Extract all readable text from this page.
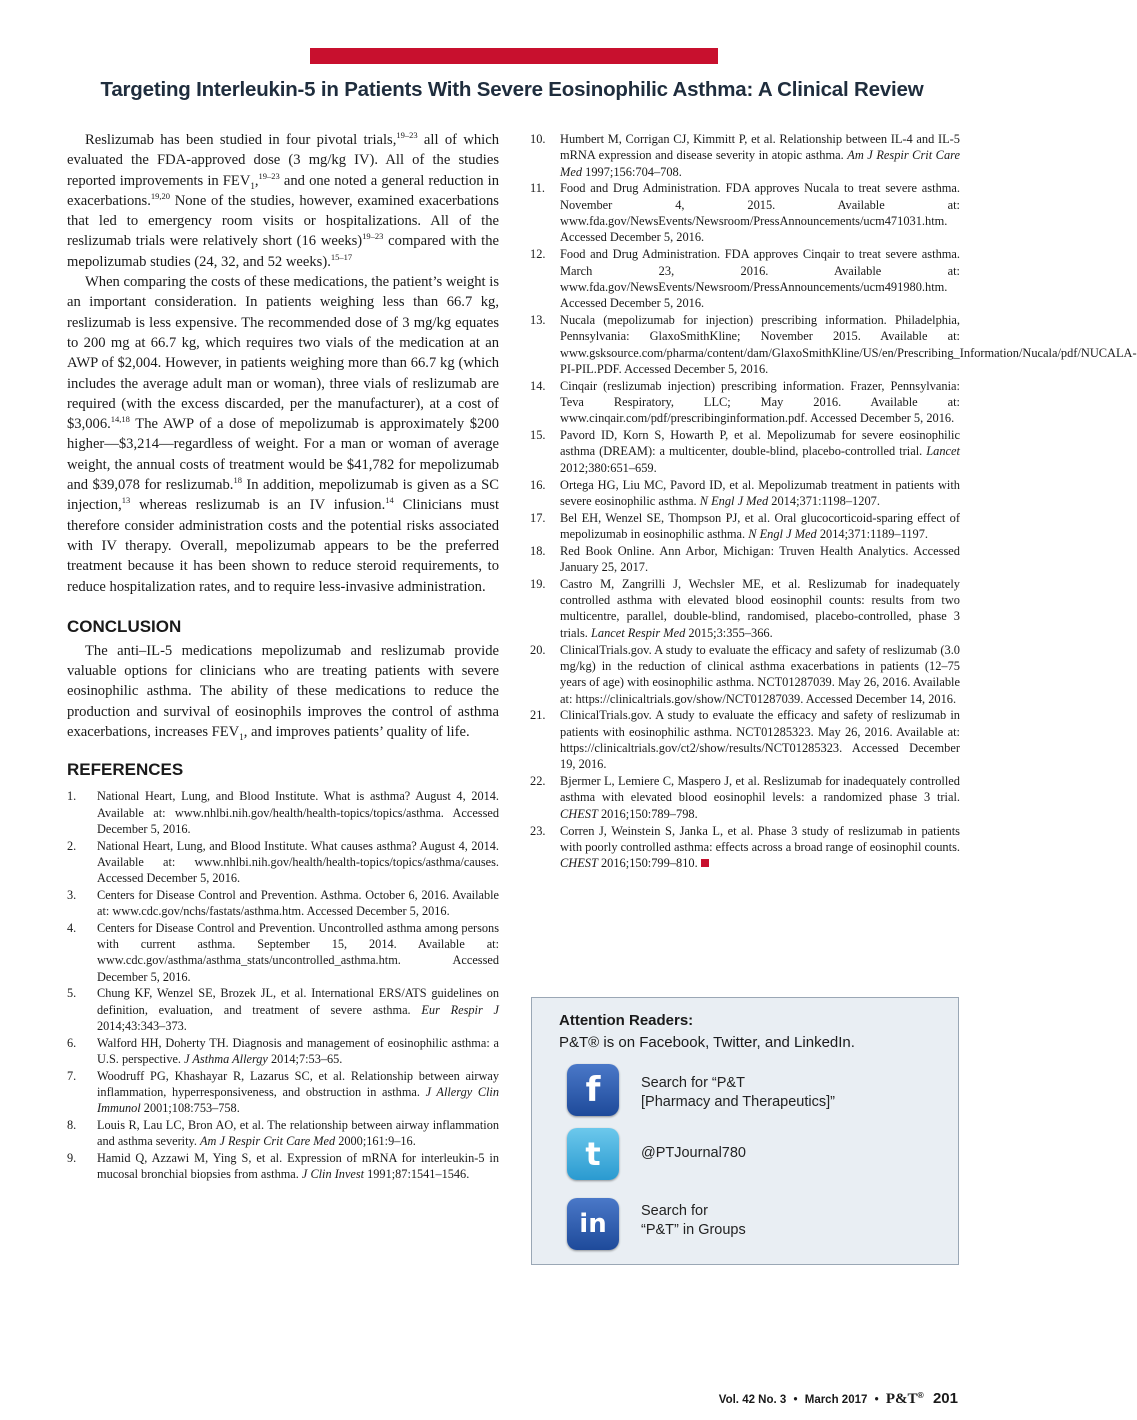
Targeting Interleukin-5 in Patients With Severe Eosinophilic Asthma: A Clinical Review

Reslizumab has been studied in four pivotal trials,$^{19-23}$ all of which evaluated the FDA-approved dose (3 mg/kg IV). All of the studies reported improvements in $FEV_1,^{19-23}$ and one noted a general reduction in exacerbations.$^{19,20}$ None of the studies, however, examined exacerbations that led to emergency room visits or hospitalizations. All of the reslizumab trials were relatively short (16 weeks)$^{19-23}$ compared with the mepolizumab studies (24, 32, and 52 weeks).$^{15-17}$

When comparing the costs of these medications, the patient’s weight is an important consideration. In patients weighing less than 66.7 kg, reslizumab is less expensive. The recommended dose of 3 mg/kg equates to 200 mg at 66.7 kg, which requires two vials of the medication at an AWP of $2,004. However, in patients weighing more than 66.7 kg (which includes the average adult man or woman), three vials of reslizumab are required (with the excess discarded, per the manufacturer), at a cost of $3,006.$^{14,18}$ The AWP of a dose of mepolizumab is approximately $200 higher—$3,214—regardless of weight. For a man or woman of average weight, the annual costs of treatment would be $41,782 for mepolizumab and $39,078 for reslizumab.$^{18}$ In addition, mepolizumab is given as a SC injection,$^{13}$ whereas reslizumab is an IV infusion.$^{14}$ Clinicians must therefore consider administration costs and the potential risks associated with IV therapy. Overall, mepolizumab appears to be the preferred treatment because it has been shown to reduce steroid requirements, to reduce hospitalization rates, and to require less-invasive administration.

CONCLUSION

The anti–IL-5 medications mepolizumab and reslizumab provide valuable options for clinicians who are treating patients with severe eosinophilic asthma. The ability of these medications to reduce the production and survival of eosinophils improves the control of asthma exacerbations, increases $FEV_1$, and improves patients’ quality of life.

REFERENCES
1. National Heart, Lung, and Blood Institute. What is asthma? August 4, 2014. Available at: www.nhlbi.nih.gov/health/health-topics/topics/asthma. Accessed December 5, 2016.
2. National Heart, Lung, and Blood Institute. What causes asthma? August 4, 2014. Available at: www.nhlbi.nih.gov/health/health-topics/topics/asthma/causes. Accessed December 5, 2016.
3. Centers for Disease Control and Prevention. Asthma. October 6, 2016. Available at: www.cdc.gov/nchs/fastats/asthma.htm. Accessed December 5, 2016.
4. Centers for Disease Control and Prevention. Uncontrolled asthma among persons with current asthma. September 15, 2014. Available at: www.cdc.gov/asthma/asthma_stats/uncontrolled_asthma.htm. Accessed December 5, 2016.
5. Chung KF, Wenzel SE, Brozek JL, et al. International ERS/ATS guidelines on definition, evaluation, and treatment of severe asthma. Eur Respir J 2014;43:343–373.
6. Walford HH, Doherty TH. Diagnosis and management of eosinophilic asthma: a U.S. perspective. J Asthma Allergy 2014;7:53–65.
7. Woodruff PG, Khashayar R, Lazarus SC, et al. Relationship between airway inflammation, hyperresponsiveness, and obstruction in asthma. J Allergy Clin Immunol 2001;108:753–758.
8. Louis R, Lau LC, Bron AO, et al. The relationship between airway inflammation and asthma severity. Am J Respir Crit Care Med 2000;161:9–16.
9. Hamid Q, Azzawi M, Ying S, et al. Expression of mRNA for interleukin-5 in mucosal bronchial biopsies from asthma. J Clin Invest 1991;87:1541–1546.
10. Humbert M, Corrigan CJ, Kimmitt P, et al. Relationship between IL-4 and IL-5 mRNA expression and disease severity in atopic asthma. Am J Respir Crit Care Med 1997;156:704–708.
11. Food and Drug Administration. FDA approves Nucala to treat severe asthma. November 4, 2015. Available at: www.fda.gov/NewsEvents/Newsroom/PressAnnouncements/ucm471031.htm. Accessed December 5, 2016.
12. Food and Drug Administration. FDA approves Cinqair to treat severe asthma. March 23, 2016. Available at: www.fda.gov/NewsEvents/Newsroom/PressAnnouncements/ucm491980.htm. Accessed December 5, 2016.
13. Nucala (mepolizumab for injection) prescribing information. Philadelphia, Pennsylvania: GlaxoSmithKline; November 2015. Available at: www.gsksource.com/pharma/content/dam/GlaxoSmithKline/US/en/Prescribing_Information/Nucala/pdf/NUCALA-PI-PIL.PDF. Accessed December 5, 2016.
14. Cinqair (reslizumab injection) prescribing information. Frazer, Pennsylvania: Teva Respiratory, LLC; May 2016. Available at: www.cinqair.com/pdf/prescribinginformation.pdf. Accessed December 5, 2016.
15. Pavord ID, Korn S, Howarth P, et al. Mepolizumab for severe eosinophilic asthma (DREAM): a multicenter, double-blind, placebo-controlled trial. Lancet 2012;380:651–659.
16. Ortega HG, Liu MC, Pavord ID, et al. Mepolizumab treatment in patients with severe eosinophilic asthma. N Engl J Med 2014;371:1198–1207.
17. Bel EH, Wenzel SE, Thompson PJ, et al. Oral glucocorticoid-sparing effect of mepolizumab in eosinophilic asthma. N Engl J Med 2014;371:1189–1197.
18. Red Book Online. Ann Arbor, Michigan: Truven Health Analytics. Accessed January 25, 2017.
19. Castro M, Zangrilli J, Wechsler ME, et al. Reslizumab for inadequately controlled asthma with elevated blood eosinophil counts: results from two multicentre, parallel, double-blind, randomised, placebo-controlled, phase 3 trials. Lancet Respir Med 2015;3:355–366.
20. ClinicalTrials.gov. A study to evaluate the efficacy and safety of reslizumab (3.0 mg/kg) in the reduction of clinical asthma exacerbations in patients (12–75 years of age) with eosinophilic asthma. NCT01287039. May 26, 2016. Available at: https://clinicaltrials.gov/show/NCT01287039. Accessed December 14, 2016.
21. ClinicalTrials.gov. A study to evaluate the efficacy and safety of reslizumab in patients with eosinophilic asthma. NCT01285323. May 26, 2016. Available at: https://clinicaltrials.gov/ct2/show/results/NCT01285323. Accessed December 19, 2016.
22. Bjermer L, Lemiere C, Maspero J, et al. Reslizumab for inadequately controlled asthma with elevated blood eosinophil levels: a randomized phase 3 trial. CHEST 2016;150:789–798.
23. Corren J, Weinstein S, Janka L, et al. Phase 3 study of reslizumab in patients with poorly controlled asthma: effects across a broad range of eosinophil counts. CHEST 2016;150:799–810.
Attention Readers:
P&T® is on Facebook, Twitter, and LinkedIn.
f	Search for “P&T
[Pharmacy and Therapeutics]”
t	@PTJournal780
in Search for
“P&T” in Groups
Vol. 42 No. 3 • March 2017 • P&T® 201
